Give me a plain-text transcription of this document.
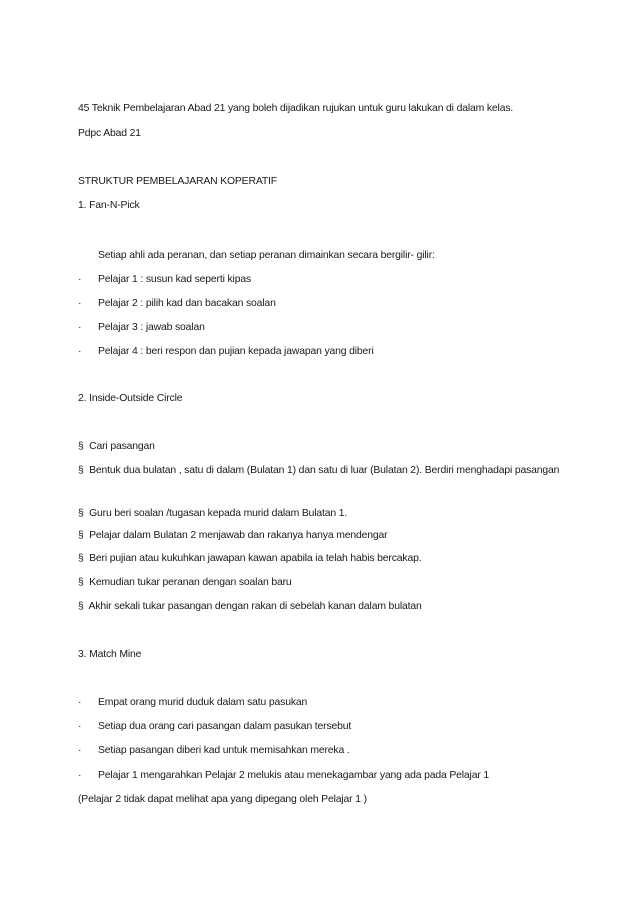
45 Teknik Pembelajaran Abad 21 yang boleh dijadikan rujukan untuk guru lakukan di dalam kelas.
Pdpc Abad 21
STRUKTUR PEMBELAJARAN KOPERATIF
1. Fan-N-Pick
Setiap ahli ada peranan, dan setiap peranan dimainkan secara bergilir- gilir:
· Pelajar 1 : susun kad seperti kipas
· Pelajar 2 : pilih kad dan bacakan soalan
· Pelajar 3 : jawab soalan
· Pelajar 4 : beri respon dan pujian kepada jawapan yang diberi
2. Inside-Outside Circle
§ Cari pasangan
§ Bentuk dua bulatan , satu di dalam (Bulatan 1) dan satu di luar (Bulatan 2). Berdiri menghadapi pasangan
§ Guru beri soalan /tugasan kepada murid dalam Bulatan 1.
§ Pelajar dalam Bulatan 2 menjawab dan rakanya hanya mendengar
§ Beri pujian atau kukuhkan jawapan kawan apabila ia telah habis bercakap.
§ Kemudian tukar peranan dengan soalan baru
§ Akhir sekali tukar pasangan dengan rakan di sebelah kanan dalam bulatan
3. Match Mine
· Empat orang murid duduk dalam satu pasukan
· Setiap dua orang cari pasangan dalam pasukan tersebut
· Setiap pasangan diberi kad untuk memisahkan mereka .
· Pelajar 1 mengarahkan Pelajar 2 melukis atau menekagambar yang ada pada Pelajar 1
(Pelajar 2 tidak dapat melihat apa yang dipegang oleh Pelajar 1 )
